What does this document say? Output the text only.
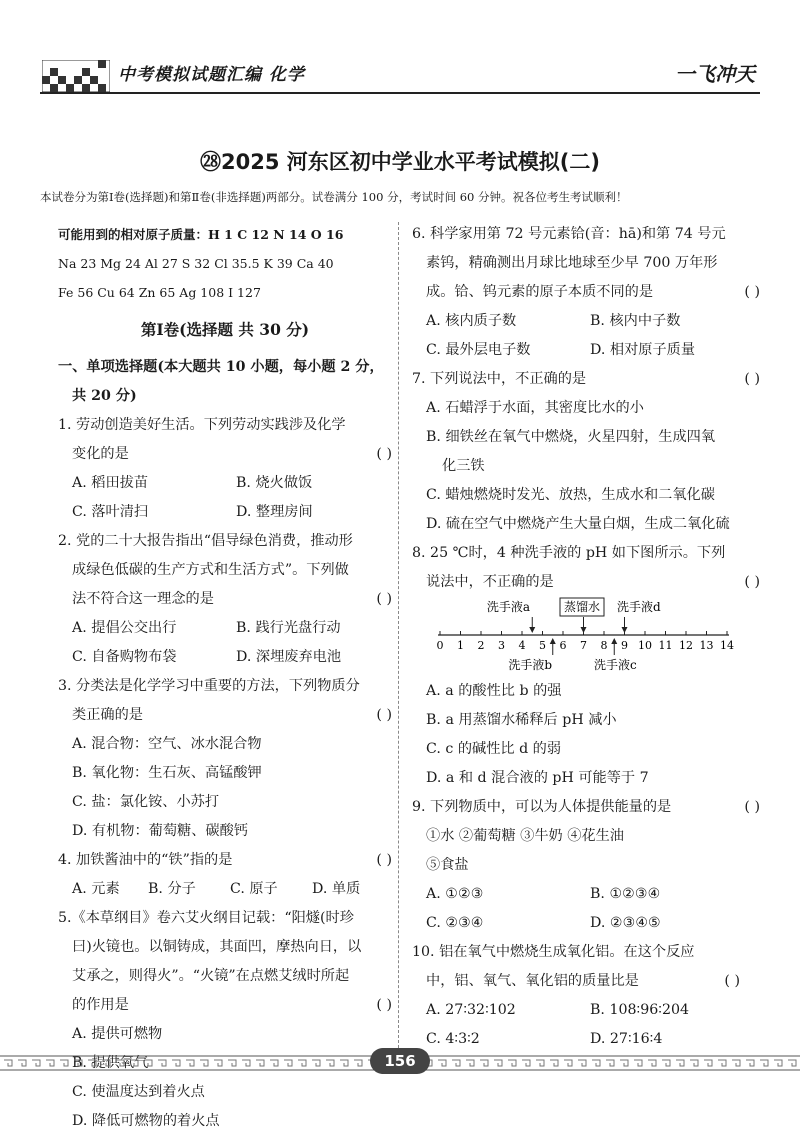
中考模拟试题汇编 化学	一飞冲天
㉘2025 河东区初中学业水平考试模拟(二)
本试卷分为第Ⅰ卷(选择题)和第Ⅱ卷(非选择题)两部分。试卷满分 100 分，考试时间 60 分钟。祝各位考生考试顺利！
可能用到的相对原子质量：H 1 C 12 N 14 O 16
Na 23 Mg 24 Al 27 S 32 Cl 35.5 K 39 Ca 40
Fe 56 Cu 64 Zn 65 Ag 108 I 127
第Ⅰ卷(选择题 共 30 分)
一、单项选择题(本大题共 10 小题，每小题 2 分，
共 20 分)
1. 劳动创造美好生活。下列劳动实践涉及化学
变化的是	( )
A. 稻田拔苗	B. 烧火做饭
C. 落叶清扫	D. 整理房间
2. 党的二十大报告指出“倡导绿色消费，推动形
成绿色低碳的生产方式和生活方式”。下列做
法不符合这一理念的是	( )
A. 提倡公交出行	B. 践行光盘行动
C. 自备购物布袋	D. 深埋废弃电池
3. 分类法是化学学习中重要的方法，下列物质分
类正确的是	( )
A. 混合物：空气、冰水混合物
B. 氧化物：生石灰、高锰酸钾
C. 盐：氯化铵、小苏打
D. 有机物：葡萄糖、碳酸钙
4. 加铁酱油中的“铁”指的是	( )
A. 元素 B. 分子 C. 原子 D. 单质
5.《本草纲目》卷六艾火纲目记载：“阳燧(时珍
曰)火镜也。以铜铸成，其面凹，摩热向日，以
艾承之，则得火”。“火镜”在点燃艾绒时所起
的作用是	( )
A. 提供可燃物
B. 提供氧气
C. 使温度达到着火点
D. 降低可燃物的着火点
6. 科学家用第 72 号元素铪(音：hā)和第 74 号元
素钨，精确测出月球比地球至少早 700 万年形
成。铪、钨元素的原子本质不同的是	( )
A. 核内质子数	B. 核内中子数
C. 最外层电子数	D. 相对原子质量
7. 下列说法中，不正确的是	( )
A. 石蜡浮于水面，其密度比水的小
B. 细铁丝在氧气中燃烧，火星四射，生成四氧
化三铁
C. 蜡烛燃烧时发光、放热，生成水和二氧化碳
D. 硫在空气中燃烧产生大量白烟，生成二氧化硫
8. 25 ℃时，4 种洗手液的 pH 如下图所示。下列
说法中，不正确的是	( )
0 1 2 3 4 5 6 7 8 9 10 11 12 13 14
洗手液a	蒸馏水 洗手液d
洗手液b	洗手液c
A. a 的酸性比 b 的强
B. a 用蒸馏水稀释后 pH 减小
C. c 的碱性比 d 的弱
D. a 和 d 混合液的 pH 可能等于 7
9. 下列物质中，可以为人体提供能量的是	( )
①水 ②葡萄糖 ③牛奶 ④花生油
⑤食盐
A. ①②③	B. ①②③④
C. ②③④	D. ②③④⑤
10. 铝在氧气中燃烧生成氧化铝。在这个反应
中，铝、氧气、氧化铝的质量比是	( )
A. 27∶32∶102	B. 108∶96∶204
C. 4∶3∶2	D. 27∶16∶4
156
